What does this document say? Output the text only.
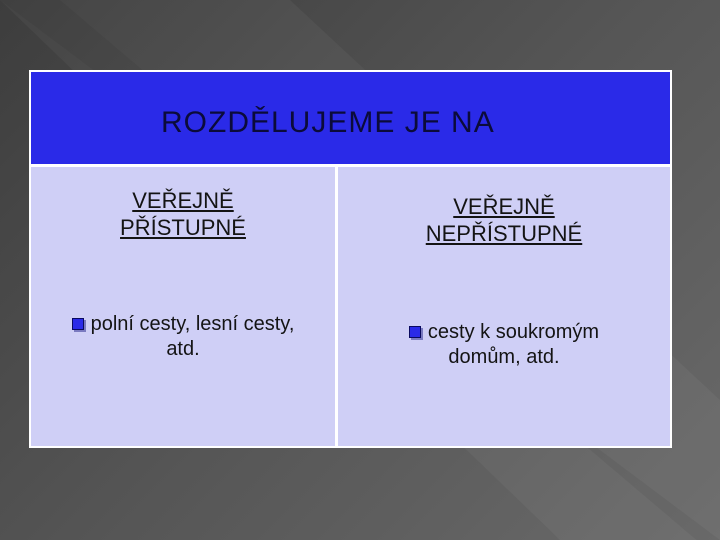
ROZDĚLUJEME JE NA
VEŘEJNĚ
PŘÍSTUPNÉ
polní cesty, lesní cesty,
atd.
VEŘEJNĚ
NEPŘÍSTUPNÉ
cesty k soukromým
domům, atd.
